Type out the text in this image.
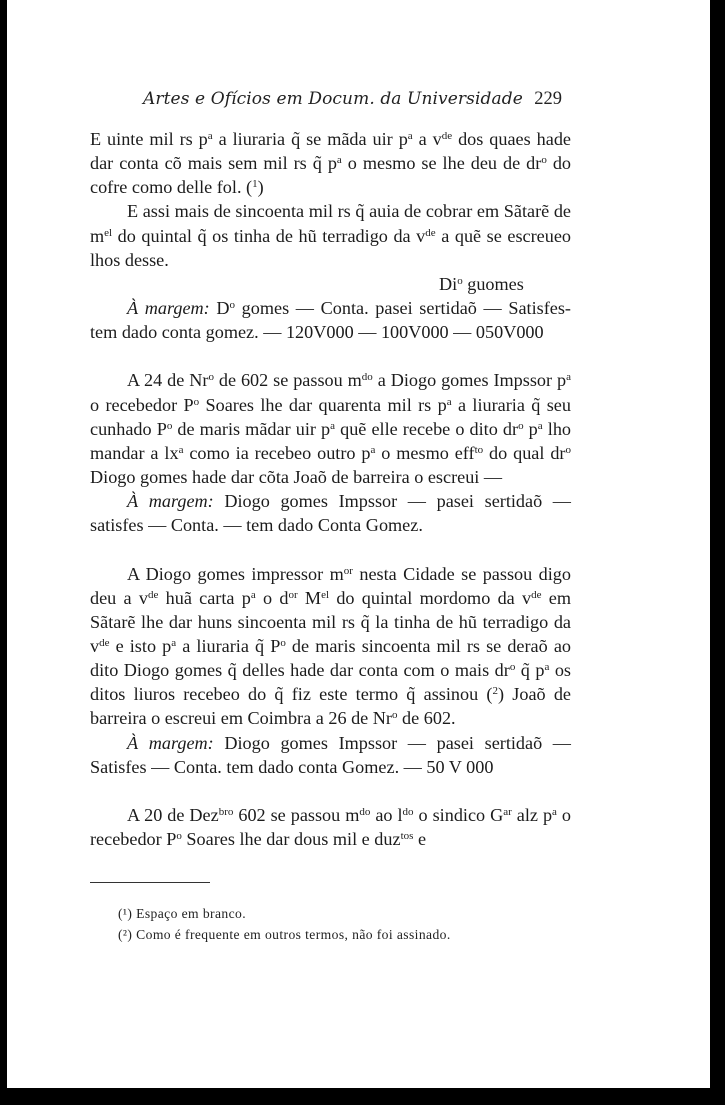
Artes e Ofícios em Docum. da Universidade 229

E uinte mil rs $p^a$ a liuraria q̃ se mãda uir $p^a$ a $v^{de}$ dos quaes hade dar conta cõ mais sem mil rs q̃ $p^a$ o mesmo se lhe deu de $dr^o$ do cofre como delle fol. ($^1$)

E assi mais de sincoenta mil rs q̃ auia de cobrar em Sãtarẽ de $m^{el}$ do quintal q̃ os tinha de hũ terradigo da $v^{de}$ a quẽ se escreueo lhos desse.

Di$^o$ guomes

À margem: $D^o$ gomes — Conta. pasei sertidaõ — Satisfes-tem dado conta gomez. — 120V000 — 100V000 — 050V000

A 24 de Nr$^o$ de 602 se passou $m^{do}$ a Diogo gomes Impssor $p^a$ o recebedor $P^o$ Soares lhe dar quarenta mil rs $p^a$ a liuraria q̃ seu cunhado $P^o$ de maris mãdar uir $p^a$ quẽ elle recebe o dito $dr^o$ $p^a$ lho mandar a $lx^a$ como ia recebeo outro $p^a$ o mesmo eff$^{to}$ do qual $dr^o$ Diogo gomes hade dar cõta Joaõ de barreira o escreui —

À margem: Diogo gomes Impssor — pasei sertidaõ — satisfes — Conta. — tem dado Conta Gomez.

A Diogo gomes impressor $m^{or}$ nesta Cidade se passou digo deu a $v^{de}$ huã carta $p^a$ o $d^{or}$ $M^{el}$ do quintal mordomo da $v^{de}$ em Sãtarẽ lhe dar huns sincoenta mil rs q̃ la tinha de hũ terradigo da $v^{de}$ e isto $p^a$ a liuraria q̃ $P^o$ de maris sincoenta mil rs se deraõ ao dito Diogo gomes q̃ delles hade dar conta com o mais $dr^o$ q̃ $p^a$ os ditos liuros recebeo do q̃ fiz este termo q̃ assinou ($^2$) Joaõ de barreira o escreui em Coimbra a 26 de Nr$^o$ de 602.

À margem: Diogo gomes Impssor — pasei sertidaõ — Satisfes — Conta. tem dado conta Gomez. — 50 V 000

A 20 de Dez$^{bro}$ 602 se passou $m^{do}$ ao $l^{do}$ o sindico $G^{ar}$ alz $p^a$ o recebedor $P^o$ Soares lhe dar dous mil e duz$^{tos}$ e

(¹) Espaço em branco.

(²) Como é frequente em outros termos, não foi assinado.
